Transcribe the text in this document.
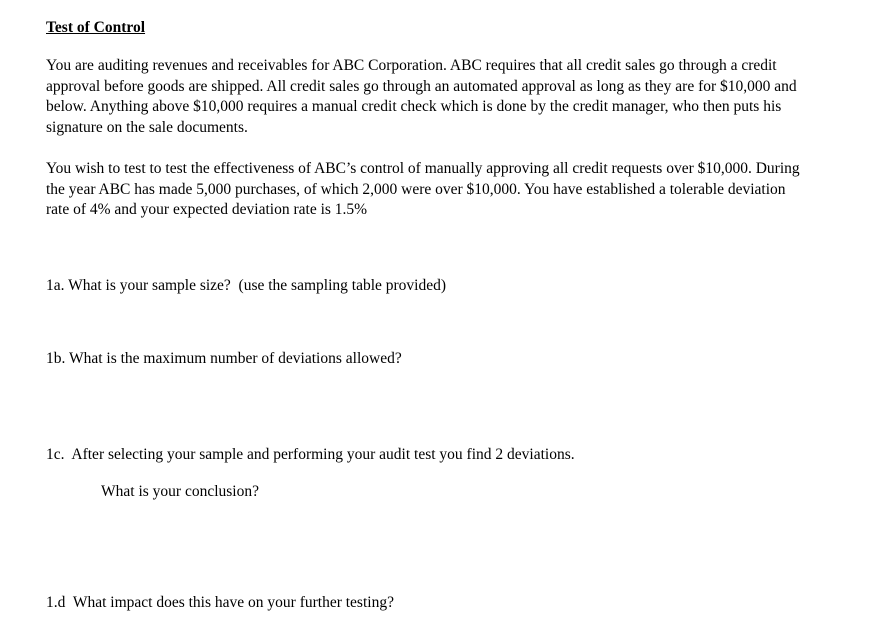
Test of Control
You are auditing revenues and receivables for ABC Corporation. ABC requires that all credit sales go through a credit
approval before goods are shipped. All credit sales go through an automated approval as long as they are for $10,000 and
below. Anything above $10,000 requires a manual credit check which is done by the credit manager, who then puts his
signature on the sale documents.
You wish to test to test the effectiveness of ABC’s control of manually approving all credit requests over $10,000. During
the year ABC has made 5,000 purchases, of which 2,000 were over $10,000. You have established a tolerable deviation
rate of 4% and your expected deviation rate is 1.5%
1a. What is your sample size?  (use the sampling table provided)
1b. What is the maximum number of deviations allowed?
1c.  After selecting your sample and performing your audit test you find 2 deviations.
What is your conclusion?
1.d  What impact does this have on your further testing?
